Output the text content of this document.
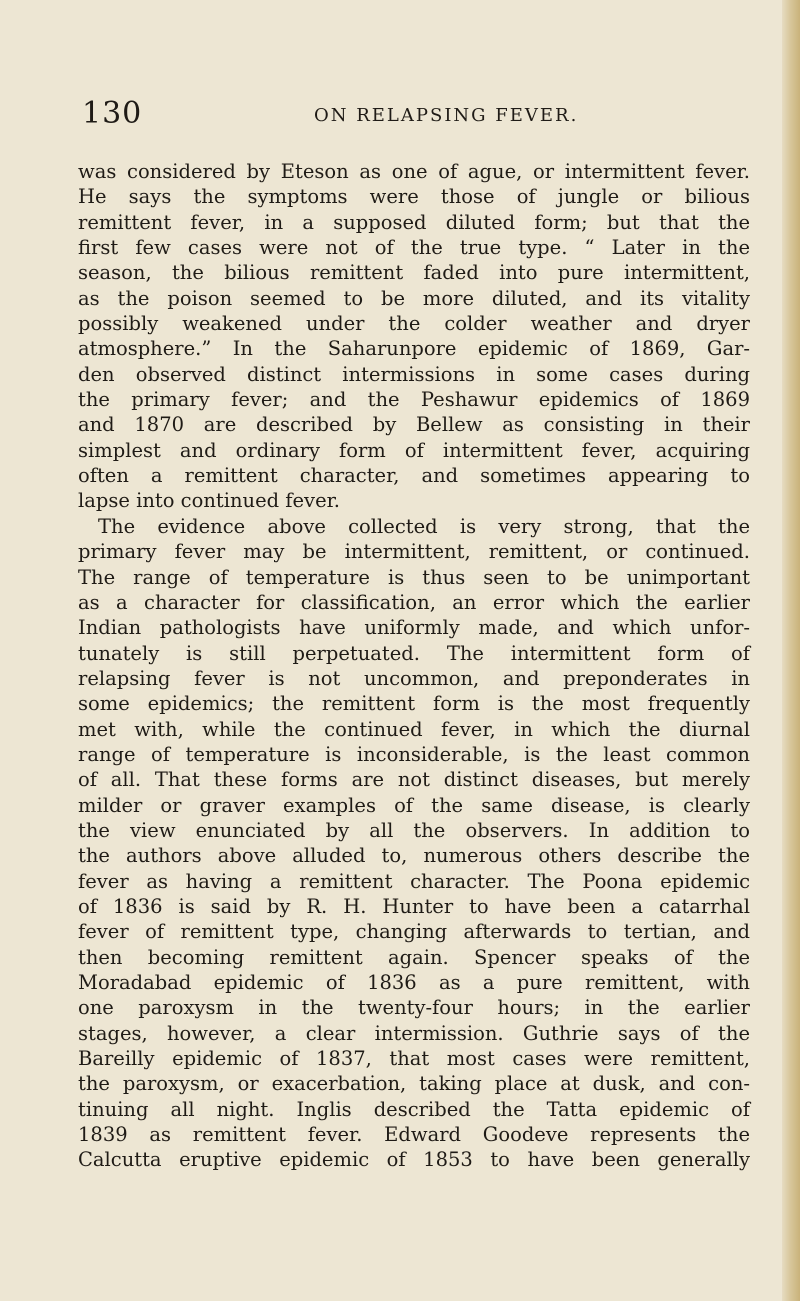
130	ON RELAPSING FEVER.
was considered by Eteson as one of ague, or intermittent fever.
He says the symptoms were those of jungle or bilious
remittent fever, in a supposed diluted form; but that the
first few cases were not of the true type. “ Later in the
season, the bilious remittent faded into pure intermittent,
as the poison seemed to be more diluted, and its vitality
possibly weakened under the colder weather and dryer
atmosphere.” In the Saharunpore epidemic of 1869, Gar-
den observed distinct intermissions in some cases during
the primary fever; and the Peshawur epidemics of 1869
and 1870 are described by Bellew as consisting in their
simplest and ordinary form of intermittent fever, acquiring
often a remittent character, and sometimes appearing to
lapse into continued fever.
The evidence above collected is very strong, that the
primary fever may be intermittent, remittent, or continued.
The range of temperature is thus seen to be unimportant
as a character for classification, an error which the earlier
Indian pathologists have uniformly made, and which unfor-
tunately is still perpetuated. The intermittent form of
relapsing fever is not uncommon, and preponderates in
some epidemics; the remittent form is the most frequently
met with, while the continued fever, in which the diurnal
range of temperature is inconsiderable, is the least common
of all. That these forms are not distinct diseases, but merely
milder or graver examples of the same disease, is clearly
the view enunciated by all the observers. In addition to
the authors above alluded to, numerous others describe the
fever as having a remittent character. The Poona epidemic
of 1836 is said by R. H. Hunter to have been a catarrhal
fever of remittent type, changing afterwards to tertian, and
then becoming remittent again. Spencer speaks of the
Moradabad epidemic of 1836 as a pure remittent, with
one paroxysm in the twenty-four hours; in the earlier
stages, however, a clear intermission. Guthrie says of the
Bareilly epidemic of 1837, that most cases were remittent,
the paroxysm, or exacerbation, taking place at dusk, and con-
tinuing all night. Inglis described the Tatta epidemic of
1839 as remittent fever. Edward Goodeve represents the
Calcutta eruptive epidemic of 1853 to have been generally
